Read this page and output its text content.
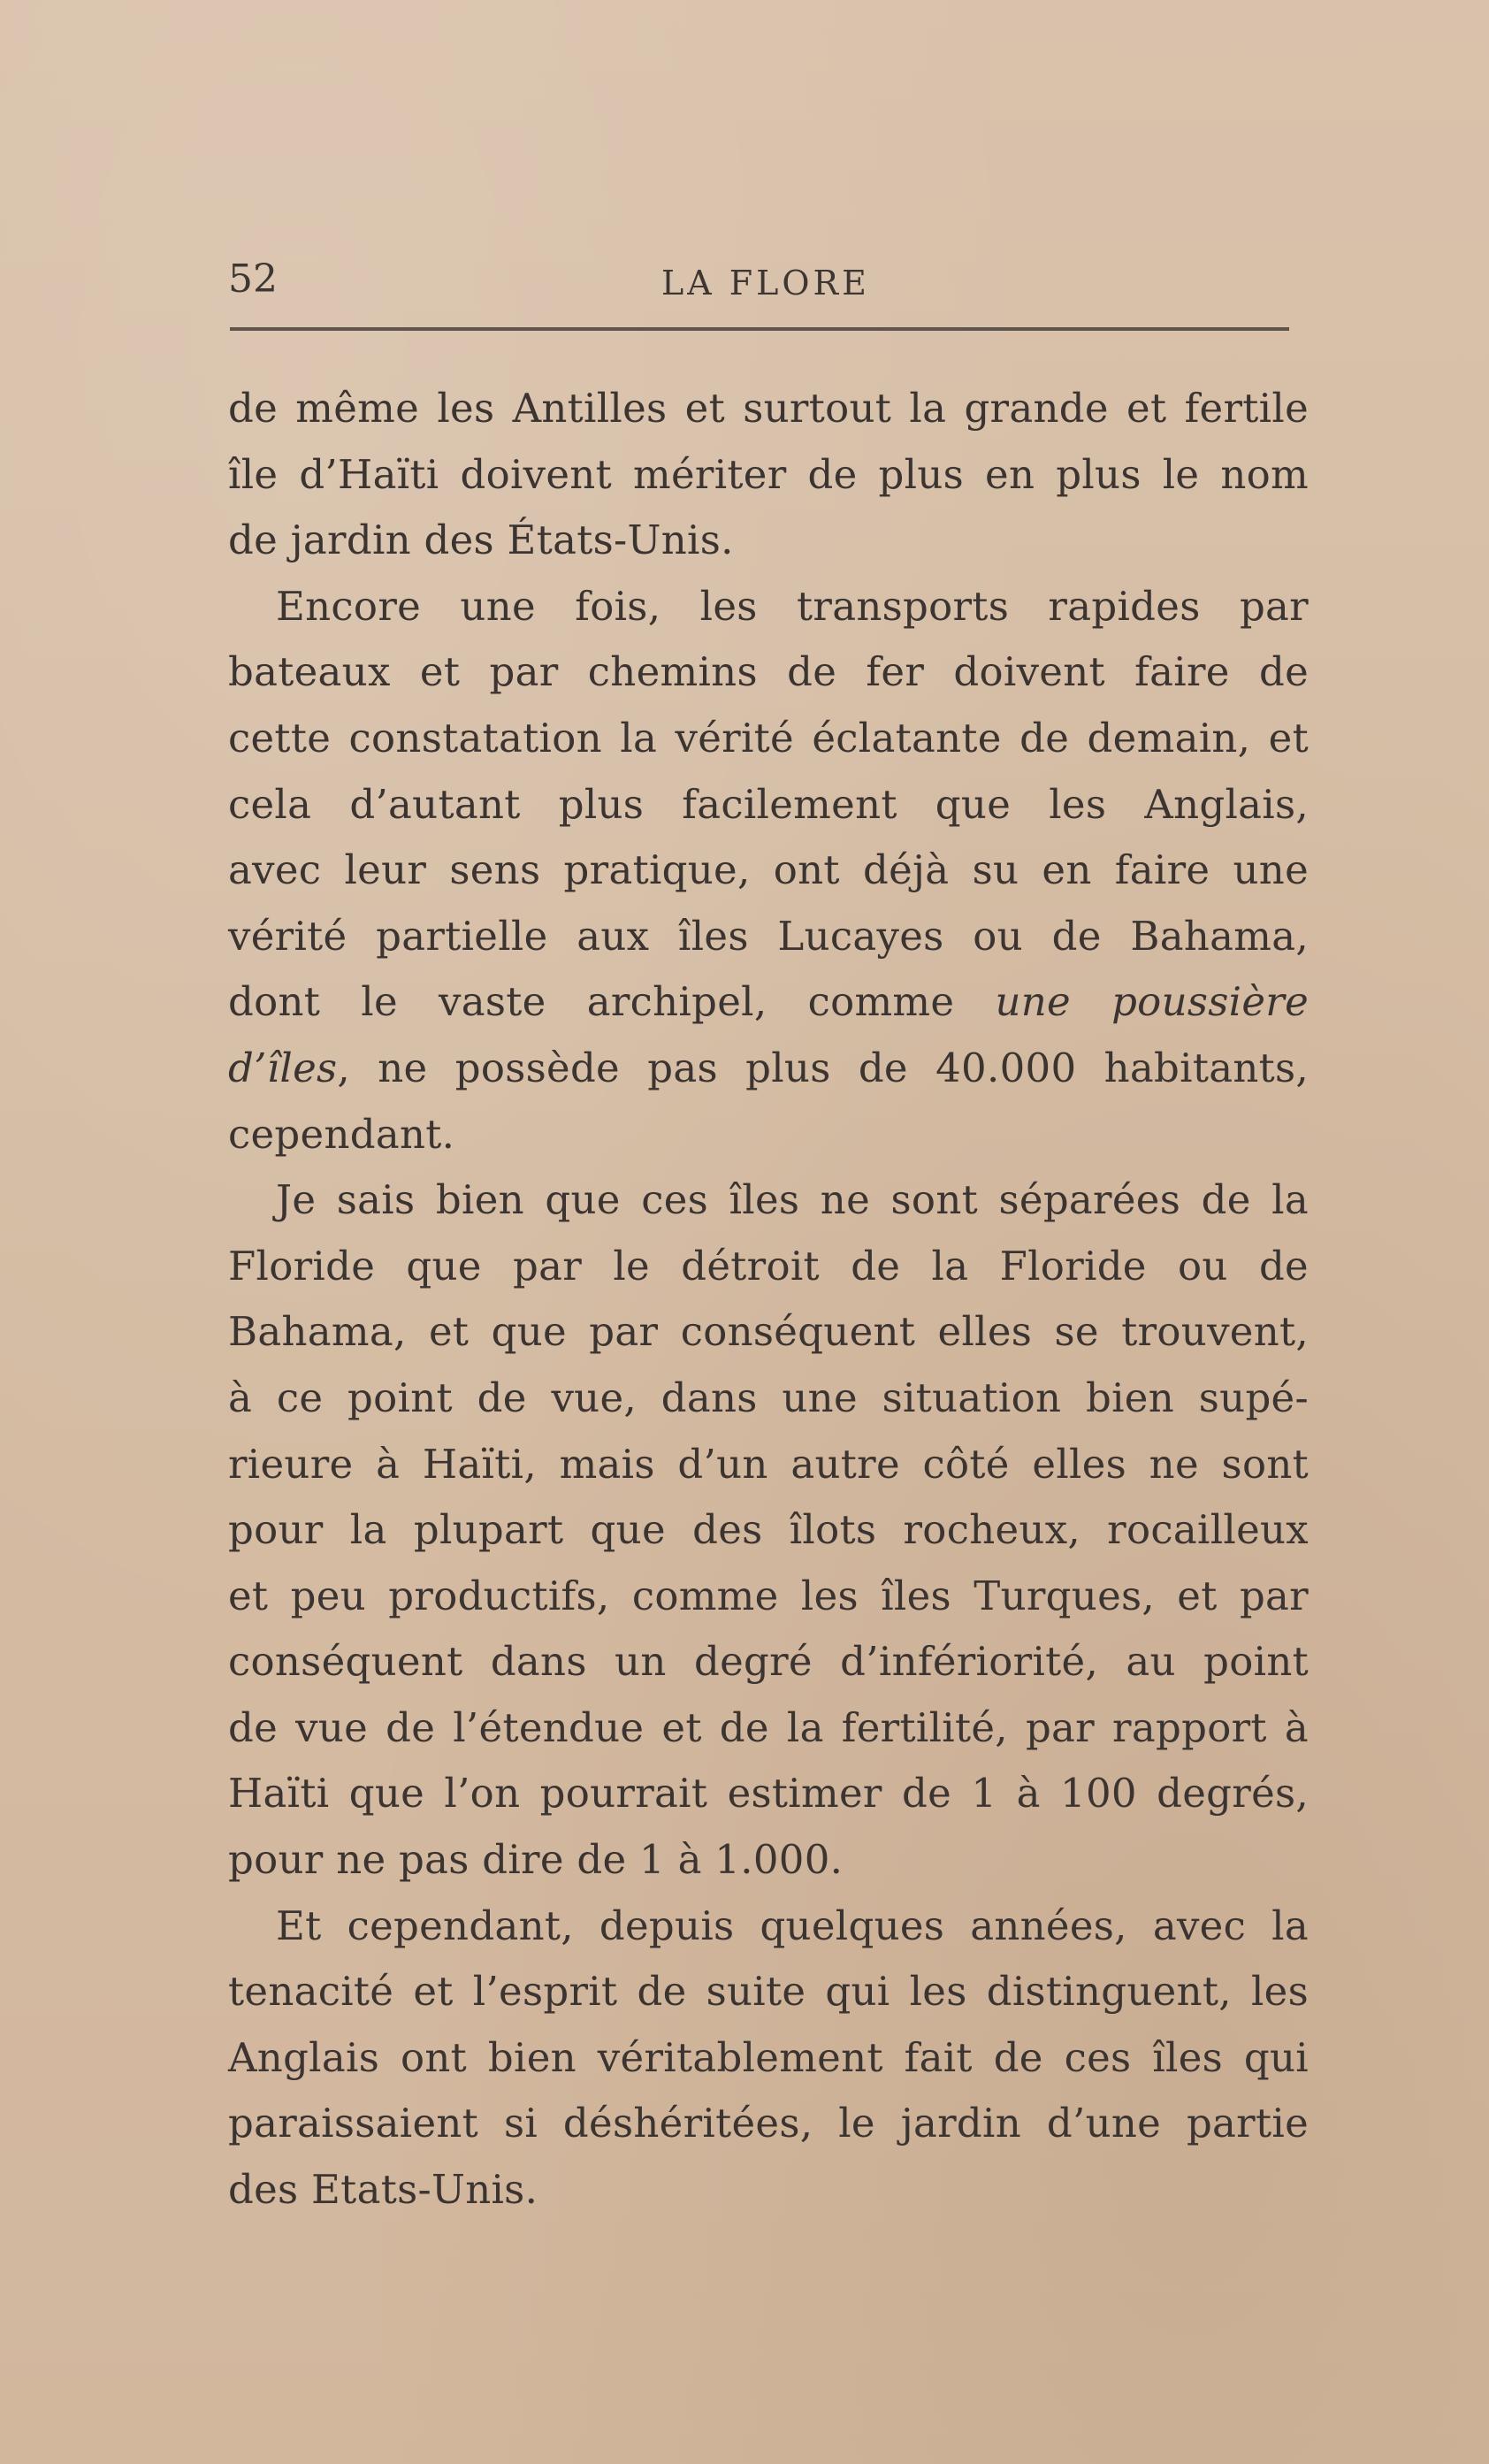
52	LA FLORE
de même les Antilles et surtout la grande et fertile
île d’Haïti doivent mériter de plus en plus le nom
de jardin des États-Unis.
Encore une fois, les transports rapides par
bateaux et par chemins de fer doivent faire de
cette constatation la vérité éclatante de demain, et
cela d’autant plus facilement que les Anglais,
avec leur sens pratique, ont déjà su en faire une
vérité partielle aux îles Lucayes ou de Bahama,
dont le vaste archipel, comme une poussière
d’îles, ne possède pas plus de 40.000 habitants,
cependant.
Je sais bien que ces îles ne sont séparées de la
Floride que par le détroit de la Floride ou de
Bahama, et que par conséquent elles se trouvent,
à ce point de vue, dans une situation bien supé-
rieure à Haïti, mais d’un autre côté elles ne sont
pour la plupart que des îlots rocheux, rocailleux
et peu productifs, comme les îles Turques, et par
conséquent dans un degré d’infériorité, au point
de vue de l’étendue et de la fertilité, par rapport à
Haïti que l’on pourrait estimer de 1 à 100 degrés,
pour ne pas dire de 1 à 1.000.
Et cependant, depuis quelques années, avec la
tenacité et l’esprit de suite qui les distinguent, les
Anglais ont bien véritablement fait de ces îles qui
paraissaient si déshéritées, le jardin d’une partie
des Etats-Unis.
